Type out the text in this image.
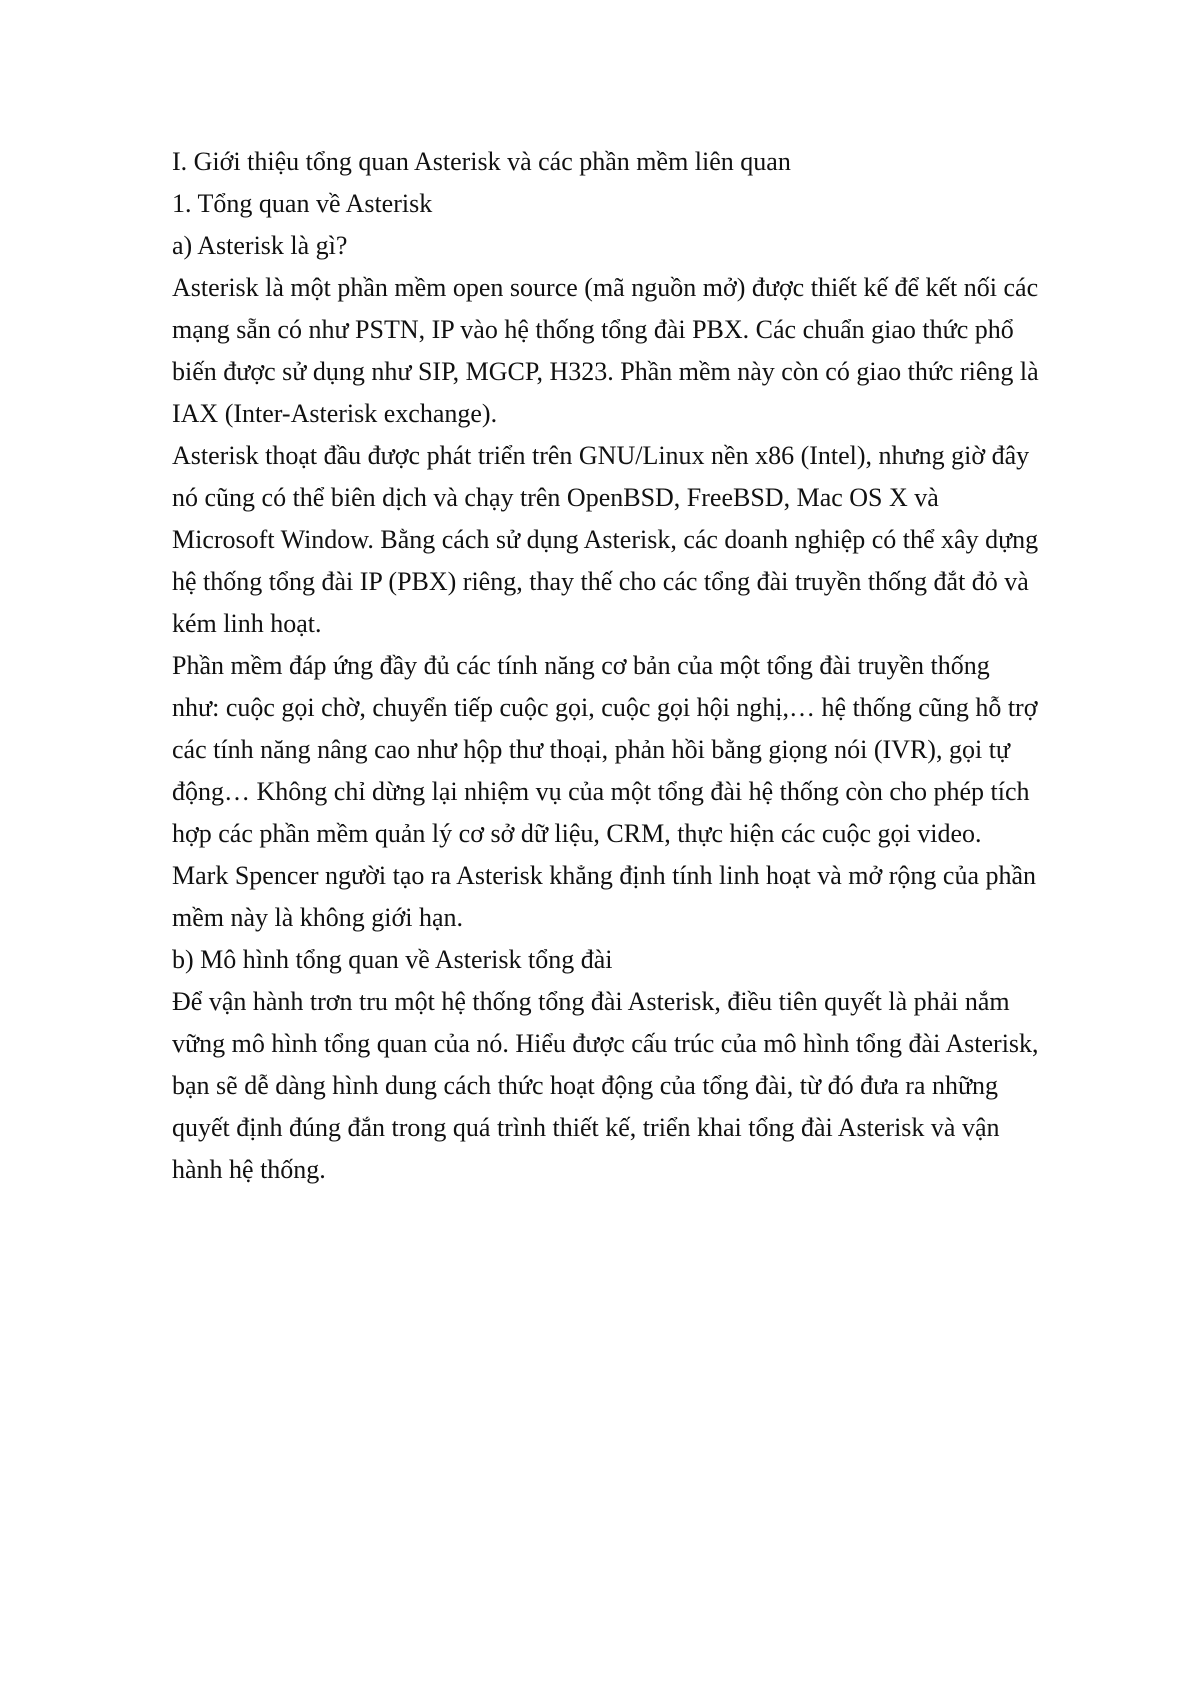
I. Giới thiệu tổng quan Asterisk và các phần mềm liên quan

1. Tổng quan về Asterisk

a) Asterisk là gì?

Asterisk là một phần mềm open source (mã nguồn mở) được thiết kế để kết nối các

mạng sẵn có như PSTN, IP vào hệ thống tổng đài PBX. Các chuẩn giao thức phổ

biến được sử dụng như SIP, MGCP, H323. Phần mềm này còn có giao thức riêng là

IAX (Inter-Asterisk exchange).

Asterisk thoạt đầu được phát triển trên GNU/Linux nền x86 (Intel), nhưng giờ đây

nó cũng có thể biên dịch và chạy trên OpenBSD, FreeBSD, Mac OS X và

Microsoft Window. Bằng cách sử dụng Asterisk, các doanh nghiệp có thể xây dựng

hệ thống tổng đài IP (PBX) riêng, thay thế cho các tổng đài truyền thống đắt đỏ và

kém linh hoạt.

Phần mềm đáp ứng đầy đủ các tính năng cơ bản của một tổng đài truyền thống

như: cuộc gọi chờ, chuyển tiếp cuộc gọi, cuộc gọi hội nghị,… hệ thống cũng hỗ trợ

các tính năng nâng cao như hộp thư thoại, phản hồi bằng giọng nói (IVR), gọi tự

động… Không chỉ dừng lại nhiệm vụ của một tổng đài hệ thống còn cho phép tích

hợp các phần mềm quản lý cơ sở dữ liệu, CRM, thực hiện các cuộc gọi video.

Mark Spencer người tạo ra Asterisk khẳng định tính linh hoạt và mở rộng của phần

mềm này là không giới hạn.

b) Mô hình tổng quan về Asterisk tổng đài

Để vận hành trơn tru một hệ thống tổng đài Asterisk, điều tiên quyết là phải nắm

vững mô hình tổng quan của nó. Hiểu được cấu trúc của mô hình tổng đài Asterisk,

bạn sẽ dễ dàng hình dung cách thức hoạt động của tổng đài, từ đó đưa ra những

quyết định đúng đắn trong quá trình thiết kế, triển khai tổng đài Asterisk và vận

hành hệ thống.
